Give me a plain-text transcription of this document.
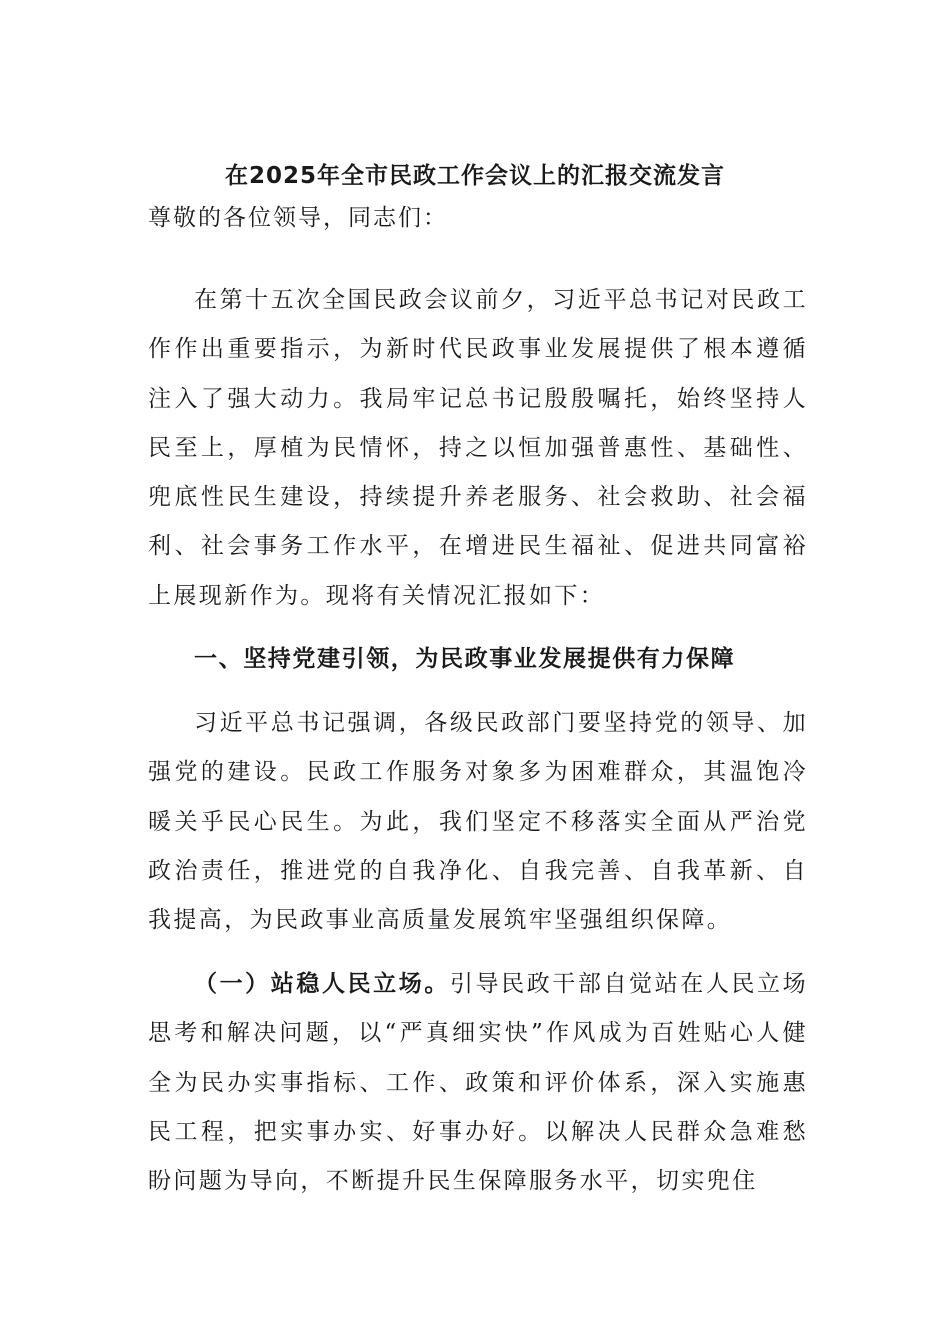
在2025年全市民政工作会议上的汇报交流发言
尊敬的各位领导，同志们：

在第十五次全国民政会议前夕，习近平总书记对民政工作作出重要指示，为新时代民政事业发展提供了根本遵循注入了强大动力。我局牢记总书记殷殷嘱托，始终坚持人民至上，厚植为民情怀，持之以恒加强普惠性、基础性、兜底性民生建设，持续提升养老服务、社会救助、社会福利、社会事务工作水平，在增进民生福祉、促进共同富裕上展现新作为。现将有关情况汇报如下：

一、坚持党建引领，为民政事业发展提供有力保障

习近平总书记强调，各级民政部门要坚持党的领导、加强党的建设。民政工作服务对象多为困难群众，其温饱冷暖关乎民心民生。为此，我们坚定不移落实全面从严治党政治责任，推进党的自我净化、自我完善、自我革新、自我提高，为民政事业高质量发展筑牢坚强组织保障。

（一）站稳人民立场。引导民政干部自觉站在人民立场思考和解决问题，以“严真细实快”作风成为百姓贴心人健全为民办实事指标、工作、政策和评价体系，深入实施惠民工程，把实事办实、好事办好。以解决人民群众急难愁盼问题为导向，不断提升民生保障服务水平，切实兜住
